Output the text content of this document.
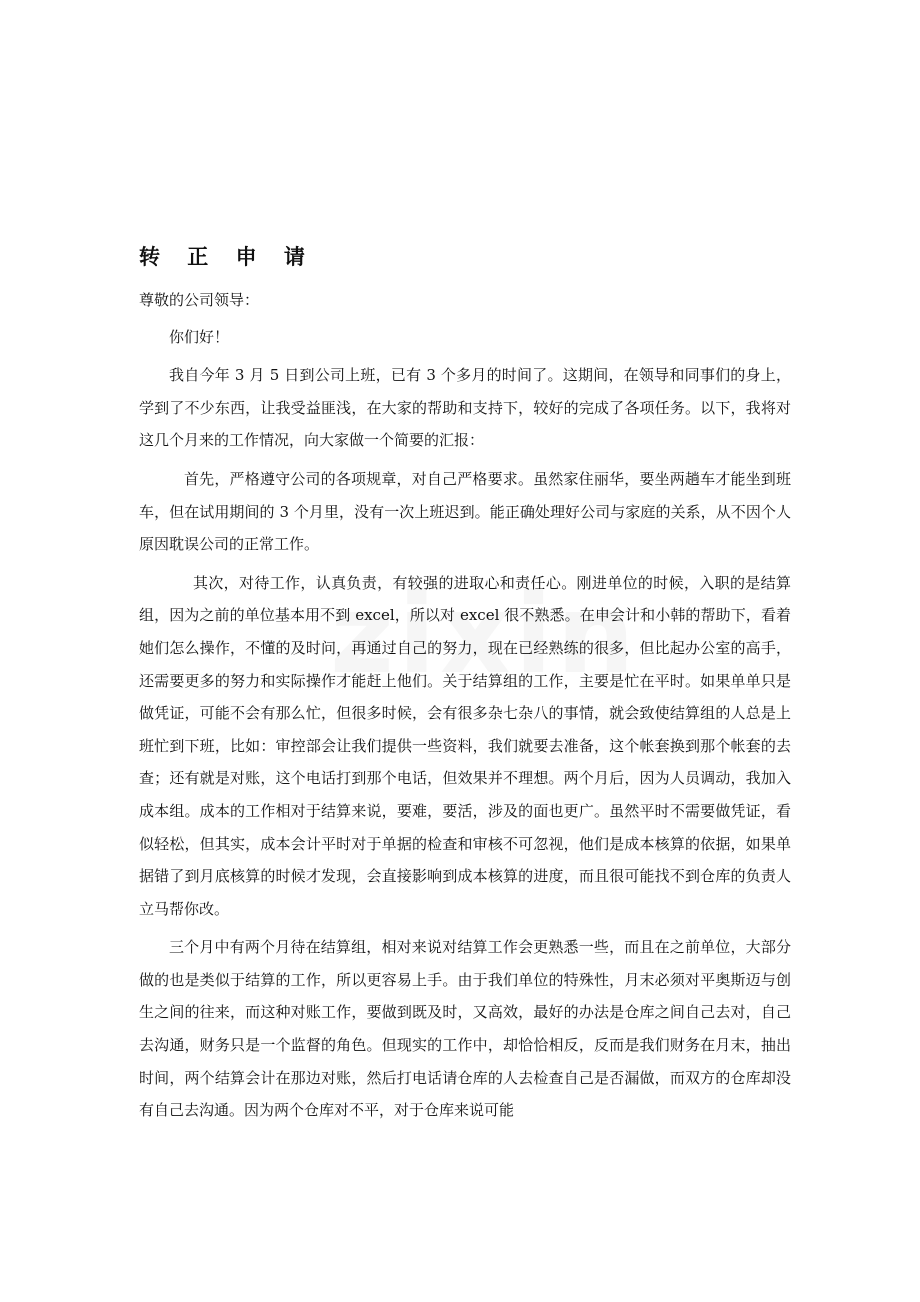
转 正 申 请

尊敬的公司领导：

你们好！

我自今年 3 月 5 日到公司上班，已有 3 个多月的时间了。这期间，在领导和同事们的身上，学到了不少东西，让我受益匪浅，在大家的帮助和支持下，较好的完成了各项任务。以下，我将对这几个月来的工作情况，向大家做一个简要的汇报：

首先，严格遵守公司的各项规章，对自己严格要求。虽然家住丽华，要坐两趟车才能坐到班车，但在试用期间的 3 个月里，没有一次上班迟到。能正确处理好公司与家庭的关系，从不因个人原因耽误公司的正常工作。

其次，对待工作，认真负责，有较强的进取心和责任心。刚进单位的时候，入职的是结算组，因为之前的单位基本用不到 excel，所以对 excel 很不熟悉。在申会计和小韩的帮助下，看着她们怎么操作，不懂的及时问，再通过自己的努力，现在已经熟练的很多，但比起办公室的高手，还需要更多的努力和实际操作才能赶上他们。关于结算组的工作，主要是忙在平时。如果单单只是做凭证，可能不会有那么忙，但很多时候，会有很多杂七杂八的事情，就会致使结算组的人总是上班忙到下班，比如：审控部会让我们提供一些资料，我们就要去准备，这个帐套换到那个帐套的去查；还有就是对账，这个电话打到那个电话，但效果并不理想。两个月后，因为人员调动，我加入成本组。成本的工作相对于结算来说，要难，要活，涉及的面也更广。虽然平时不需要做凭证，看似轻松，但其实，成本会计平时对于单据的检查和审核不可忽视，他们是成本核算的依据，如果单据错了到月底核算的时候才发现，会直接影响到成本核算的进度，而且很可能找不到仓库的负责人立马帮你改。

三个月中有两个月待在结算组，相对来说对结算工作会更熟悉一些，而且在之前单位，大部分做的也是类似于结算的工作，所以更容易上手。由于我们单位的特殊性，月末必须对平奥斯迈与创生之间的往来，而这种对账工作，要做到既及时，又高效，最好的办法是仓库之间自己去对，自己去沟通，财务只是一个监督的角色。但现实的工作中，却恰恰相反，反而是我们财务在月末，抽出时间，两个结算会计在那边对账，然后打电话请仓库的人去检查自己是否漏做，而双方的仓库却没有自己去沟通。因为两个仓库对不平，对于仓库来说可能
